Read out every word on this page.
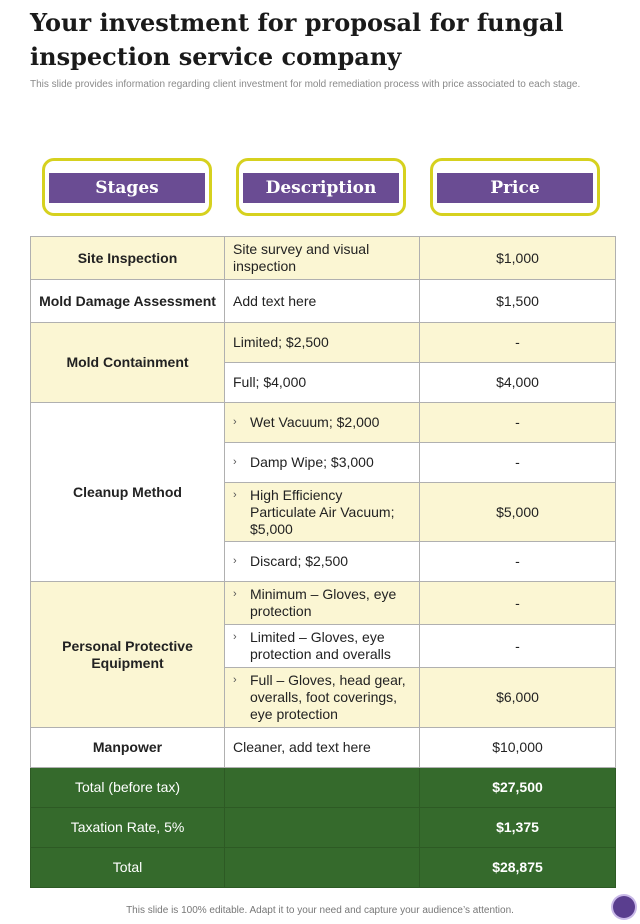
Your investment for proposal for fungal inspection service company
This slide provides information regarding client investment for mold remediation process with price associated to each stage.
Stages	Description	Price
Site Inspection	Site survey and visual inspection	$1,000
Mold Damage Assessment	Add text here	$1,500
Mold Containment	Limited; $2,500	-
	Full; $4,000	$4,000
Cleanup Method	› Wet Vacuum; $2,000	-
	› Damp Wipe; $3,000	-
	› High Efficiency Particulate Air Vacuum; $5,000	$5,000
	› Discard; $2,500	-
Personal Protective Equipment	› Minimum – Gloves, eye protection	-
	› Limited – Gloves, eye protection and overalls	-
	› Full – Gloves, head gear, overalls, foot coverings, eye protection	$6,000
Manpower	Cleaner, add text here	$10,000
Total (before tax)		$27,500
Taxation Rate, 5%		$1,375
Total		$28,875
This slide is 100% editable. Adapt it to your need and capture your audience’s attention.
